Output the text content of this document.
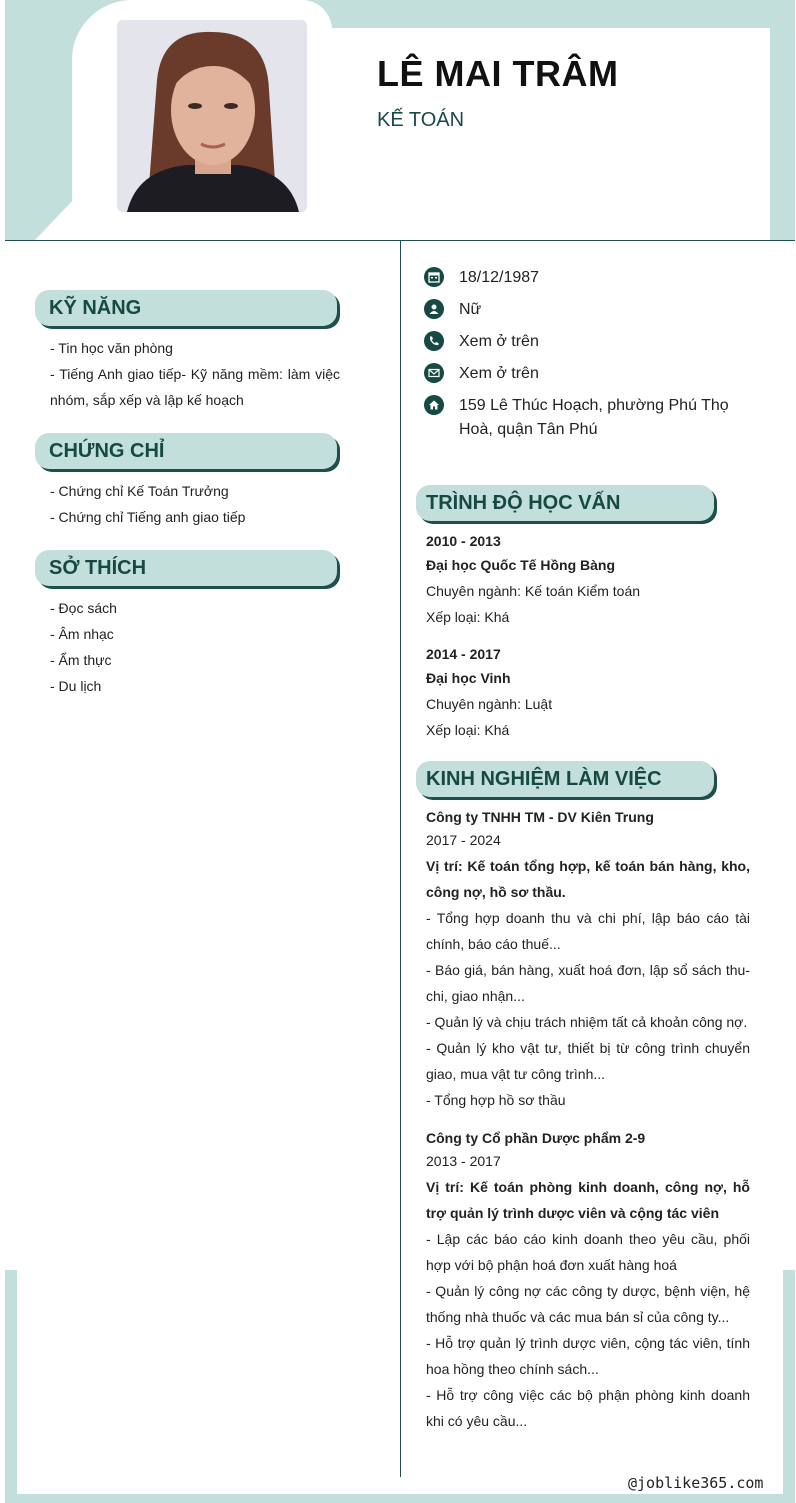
LÊ MAI TRÂM
KẾ TOÁN
18/12/1987
Nữ
Xem ở trên
Xem ở trên
159 Lê Thúc Hoạch, phường Phú Thọ Hoà, quận Tân Phú
KỸ NĂNG
- Tin học văn phòng
- Tiếng Anh giao tiếp- Kỹ năng mềm: làm việc nhóm, sắp xếp và lập kế hoạch
CHỨNG CHỈ
- Chứng chỉ Kế Toán Trưởng
- Chứng chỉ Tiếng anh giao tiếp
SỞ THÍCH
- Đọc sách
- Âm nhạc
- Ẩm thực
- Du lịch
TRÌNH ĐỘ HỌC VẤN
2010 - 2013
Đại học Quốc Tế Hồng Bàng
Chuyên ngành: Kế toán Kiểm toán
Xếp loại: Khá
2014 - 2017
Đại học Vinh
Chuyên ngành: Luật
Xếp loại: Khá
KINH NGHIỆM LÀM VIỆC
Công ty TNHH TM - DV Kiên Trung
2017 - 2024
Vị trí: Kế toán tổng hợp, kế toán bán hàng, kho, công nợ, hồ sơ thầu.
- Tổng hợp doanh thu và chi phí, lập báo cáo tài chính, báo cáo thuế...
- Báo giá, bán hàng, xuất hoá đơn, lập sổ sách thu-chi, giao nhận...
- Quản lý và chịu trách nhiệm tất cả khoản công nợ.
- Quản lý kho vật tư, thiết bị từ công trình chuyển giao, mua vật tư công trình...
- Tổng hợp hồ sơ thầu
Công ty Cổ phần Dược phẩm 2-9
2013 - 2017
Vị trí: Kế toán phòng kinh doanh, công nợ, hỗ trợ quản lý trình dược viên và cộng tác viên
- Lập các báo cáo kinh doanh theo yêu cầu, phối hợp với bộ phận hoá đơn xuất hàng hoá
- Quản lý công nợ các công ty dược, bệnh viện, hệ thống nhà thuốc và các mua bán sỉ của công ty...
- Hỗ trợ quản lý trình dược viên, cộng tác viên, tính hoa hồng theo chính sách...
- Hỗ trợ công việc các bộ phận phòng kinh doanh khi có yêu cầu...
@joblike365.com
